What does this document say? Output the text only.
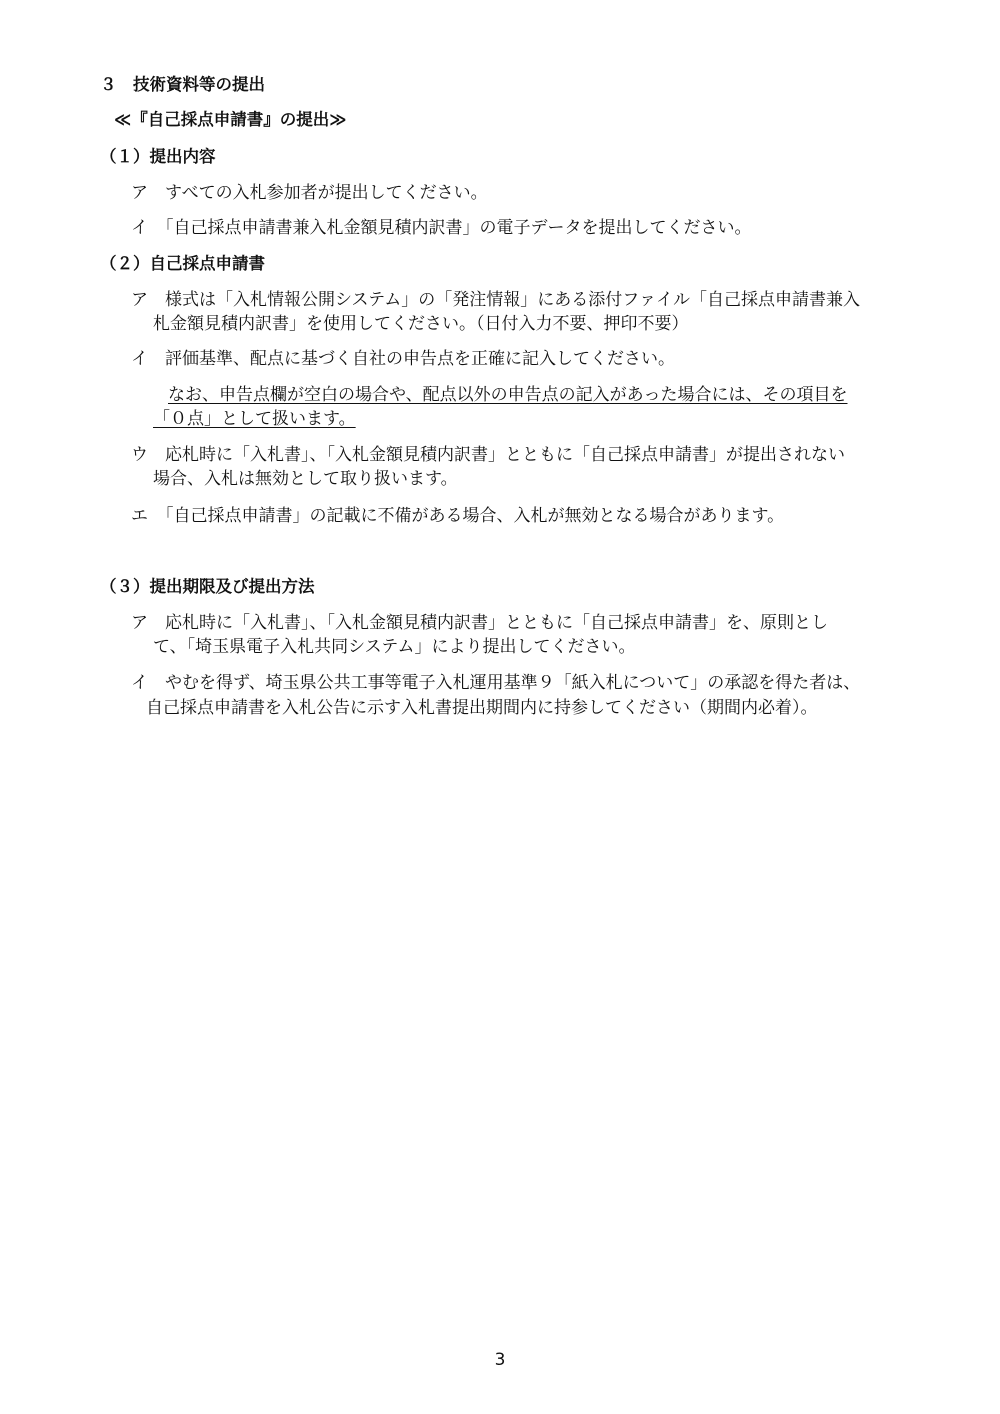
３　技術資料等の提出
≪『自己採点申請書』の提出≫
（１）提出内容
ア　すべての入札参加者が提出してください。
イ　「自己採点申請書兼入札金額見積内訳書」の電子データを提出してください。
（２）自己採点申請書
ア　様式は「入札情報公開システム」の「発注情報」にある添付ファイル「自己採点申請書兼入
札金額見積内訳書」を使用してください。（日付入力不要、押印不要）
イ　評価基準、配点に基づく自社の申告点を正確に記入してください。
なお、申告点欄が空白の場合や、配点以外の申告点の記入があった場合には、その項目を
「０点」として扱います。
ウ　応札時に「入札書」、「入札金額見積内訳書」とともに「自己採点申請書」が提出されない
場合、入札は無効として取り扱います。
エ　「自己採点申請書」の記載に不備がある場合、入札が無効となる場合があります。
（３）提出期限及び提出方法
ア　応札時に「入札書」、「入札金額見積内訳書」とともに「自己採点申請書」を、原則とし
て、「埼玉県電子入札共同システム」により提出してください。
イ　やむを得ず、埼玉県公共工事等電子入札運用基準９「紙入札について」の承認を得た者は、
自己採点申請書を入札公告に示す入札書提出期間内に持参してください（期間内必着）。
3
